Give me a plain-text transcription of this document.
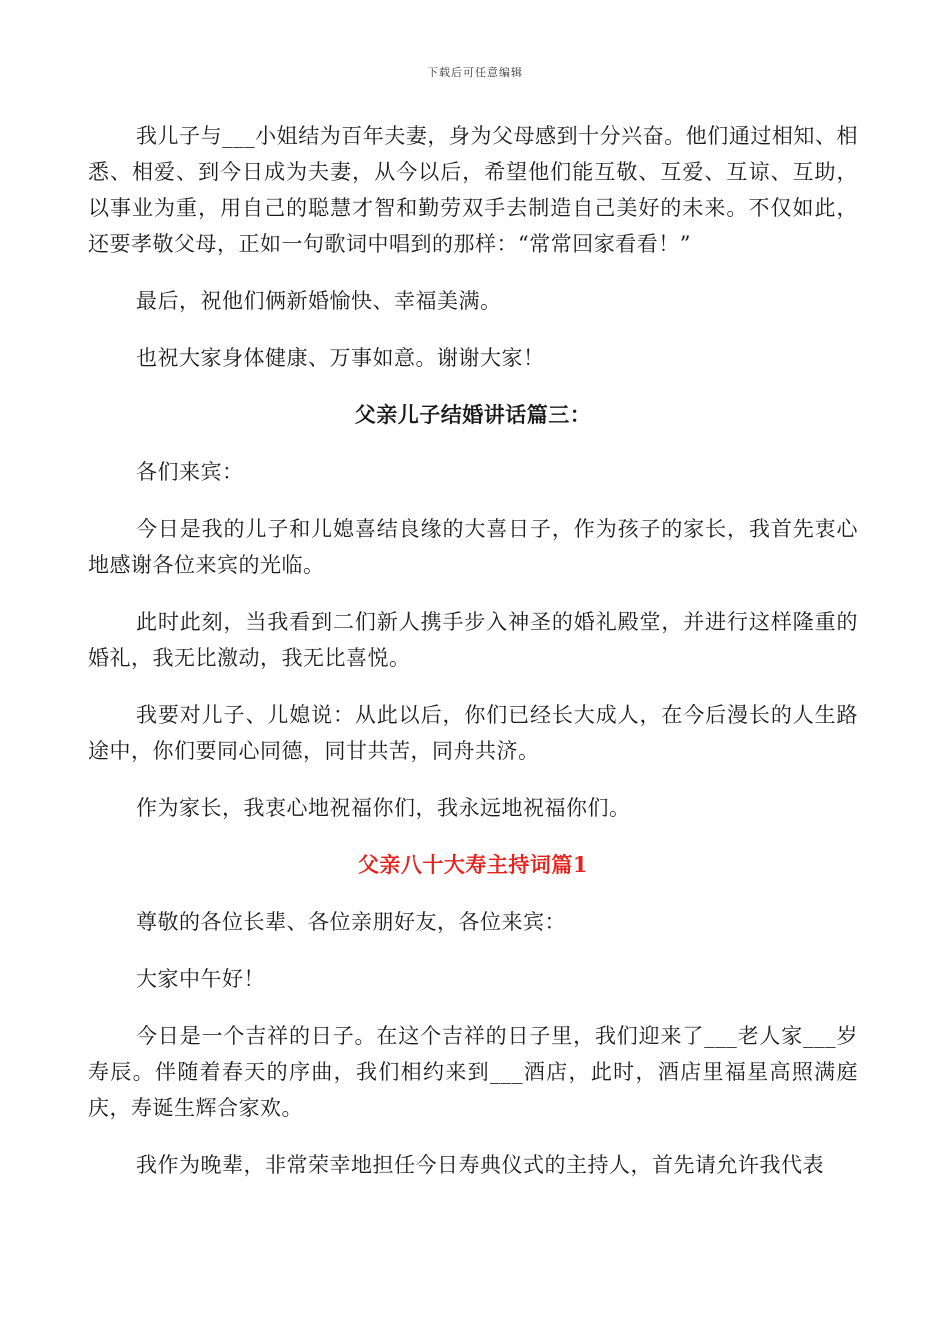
下载后可任意编辑

我儿子与___小姐结为百年夫妻，身为父母感到十分兴奋。他们通过相知、相悉、相爱、到今日成为夫妻，从今以后，希望他们能互敬、互爱、互谅、互助，以事业为重，用自己的聪慧才智和勤劳双手去制造自己美好的未来。不仅如此，还要孝敬父母，正如一句歌词中唱到的那样：“常常回家看看！”

最后，祝他们俩新婚愉快、幸福美满。

也祝大家身体健康、万事如意。谢谢大家！

父亲儿子结婚讲话篇三：

各们来宾：

今日是我的儿子和儿媳喜结良缘的大喜日子，作为孩子的家长，我首先衷心地感谢各位来宾的光临。

此时此刻，当我看到二们新人携手步入神圣的婚礼殿堂，并进行这样隆重的婚礼，我无比激动，我无比喜悦。

我要对儿子、儿媳说：从此以后，你们已经长大成人，在今后漫长的人生路途中，你们要同心同德，同甘共苦，同舟共济。

作为家长，我衷心地祝福你们，我永远地祝福你们。

父亲八十大寿主持词篇1

尊敬的各位长辈、各位亲朋好友，各位来宾：

大家中午好！

今日是一个吉祥的日子。在这个吉祥的日子里，我们迎来了___老人家___岁寿辰。伴随着春天的序曲，我们相约来到___酒店，此时，酒店里福星高照满庭庆，寿诞生辉合家欢。

我作为晚辈，非常荣幸地担任今日寿典仪式的主持人，首先请允许我代表
